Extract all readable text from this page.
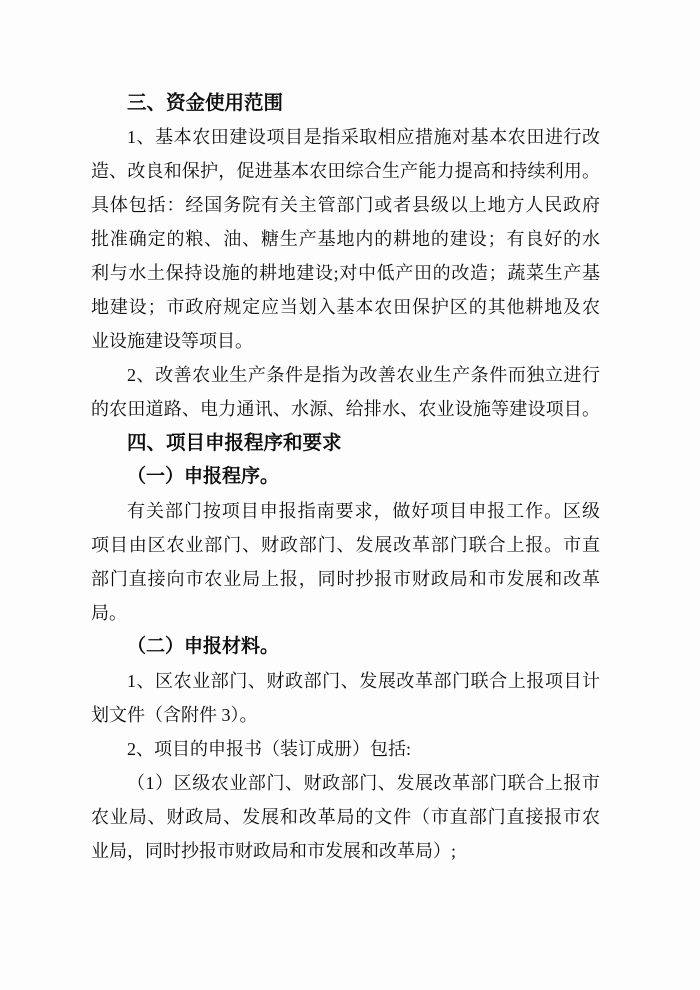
三、资金使用范围
1、基本农田建设项目是指采取相应措施对基本农田进行改
造、改良和保护，促进基本农田综合生产能力提高和持续利用。
具体包括：经国务院有关主管部门或者县级以上地方人民政府
批准确定的粮、油、糖生产基地内的耕地的建设；有良好的水
利与水土保持设施的耕地建设;对中低产田的改造；蔬菜生产基
地建设；市政府规定应当划入基本农田保护区的其他耕地及农
业设施建设等项目。
2、改善农业生产条件是指为改善农业生产条件而独立进行
的农田道路、电力通讯、水源、给排水、农业设施等建设项目。
四、项目申报程序和要求
（一）申报程序。
有关部门按项目申报指南要求，做好项目申报工作。区级
项目由区农业部门、财政部门、发展改革部门联合上报。市直
部门直接向市农业局上报，同时抄报市财政局和市发展和改革
局。
（二）申报材料。
1、区农业部门、财政部门、发展改革部门联合上报项目计
划文件（含附件 3）。
2、项目的申报书（装订成册）包括:
（1）区级农业部门、财政部门、发展改革部门联合上报市
农业局、财政局、发展和改革局的文件（市直部门直接报市农
业局，同时抄报市财政局和市发展和改革局）;
